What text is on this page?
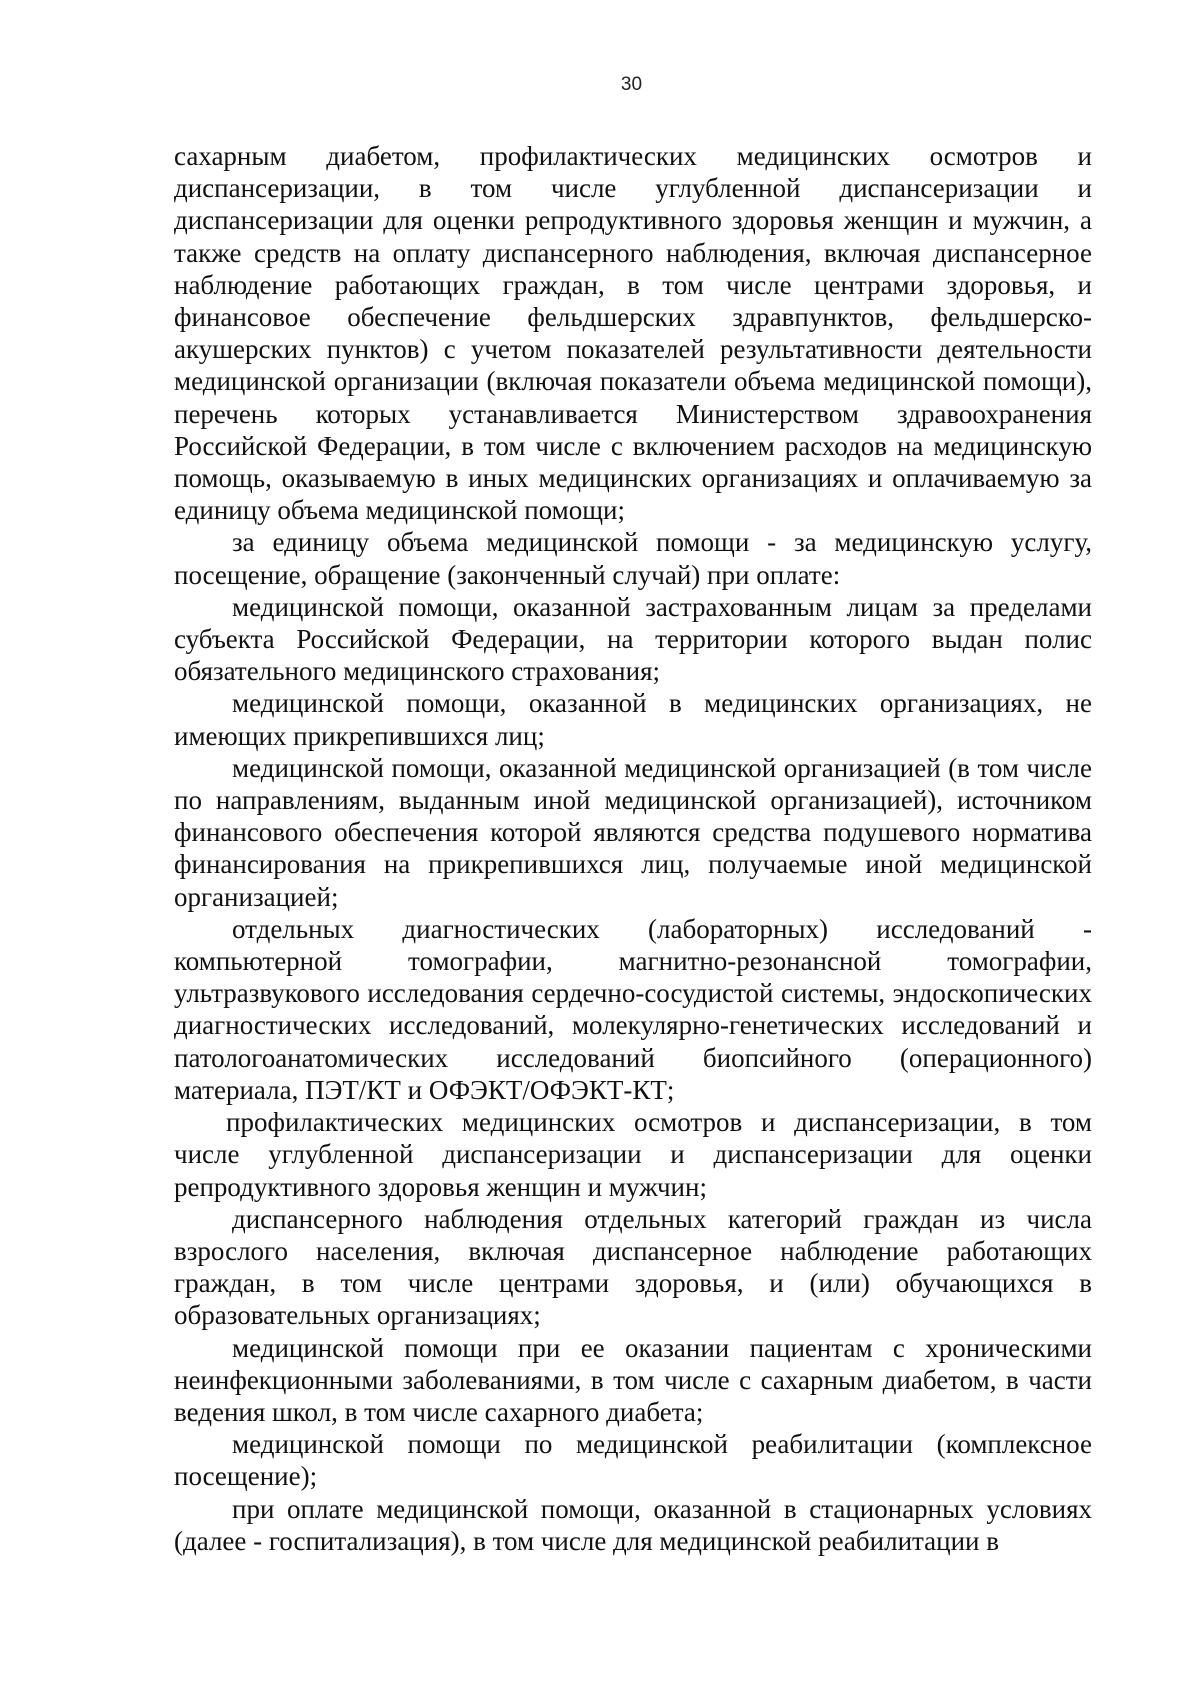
30

сахарным диабетом, профилактических медицинских осмотров и диспансеризации, в том числе углубленной диспансеризации и диспансеризации для оценки репродуктивного здоровья женщин и мужчин, а также средств на оплату диспансерного наблюдения, включая диспансерное наблюдение работающих граждан, в том числе центрами здоровья, и финансовое обеспечение фельдшерских здравпунктов, фельдшерско-акушерских пунктов) с учетом показателей результативности деятельности медицинской организации (включая показатели объема медицинской помощи), перечень которых устанавливается Министерством здравоохранения Российской Федерации, в том числе с включением расходов на медицинскую помощь, оказываемую в иных медицинских организациях и оплачиваемую за единицу объема медицинской помощи;

за единицу объема медицинской помощи - за медицинскую услугу, посещение, обращение (законченный случай) при оплате:

медицинской помощи, оказанной застрахованным лицам за пределами субъекта Российской Федерации, на территории которого выдан полис обязательного медицинского страхования;

медицинской помощи, оказанной в медицинских организациях, не имеющих прикрепившихся лиц;

медицинской помощи, оказанной медицинской организацией (в том числе по направлениям, выданным иной медицинской организацией), источником финансового обеспечения которой являются средства подушевого норматива финансирования на прикрепившихся лиц, получаемые иной медицинской организацией;

отдельных диагностических (лабораторных) исследований - компьютерной томографии, магнитно-резонансной томографии, ультразвукового исследования сердечно-сосудистой системы, эндоскопических диагностических исследований, молекулярно-генетических исследований и патологоанатомических исследований биопсийного (операционного) материала, ПЭТ/КТ и ОФЭКТ/ОФЭКТ-КТ;

профилактических медицинских осмотров и диспансеризации, в том числе углубленной диспансеризации и диспансеризации для оценки репродуктивного здоровья женщин и мужчин;

диспансерного наблюдения отдельных категорий граждан из числа взрослого населения, включая диспансерное наблюдение работающих граждан, в том числе центрами здоровья, и (или) обучающихся в образовательных организациях;

медицинской помощи при ее оказании пациентам с хроническими неинфекционными заболеваниями, в том числе с сахарным диабетом, в части ведения школ, в том числе сахарного диабета;

медицинской помощи по медицинской реабилитации (комплексное посещение);

при оплате медицинской помощи, оказанной в стационарных условиях (далее - госпитализация), в том числе для медицинской реабилитации в
